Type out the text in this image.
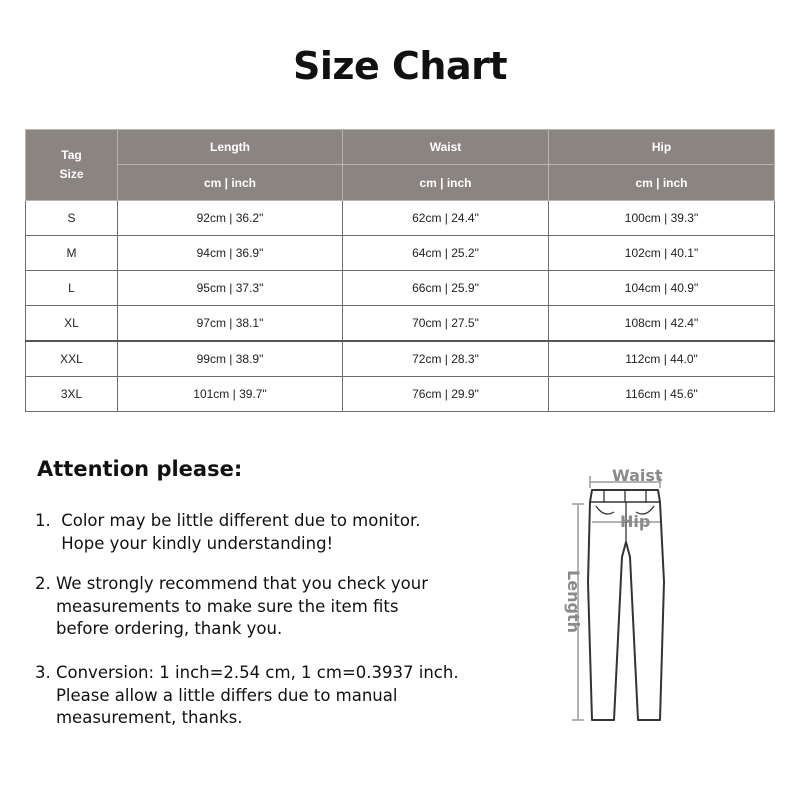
Size Chart
Tag
Size	Length	Waist	Hip
	cm | inch	cm | inch	cm | inch
S	92cm | 36.2"	62cm | 24.4"	100cm | 39.3"
M	94cm | 36.9"	64cm | 25.2"	102cm | 40.1"
L	95cm | 37.3"	66cm | 25.9"	104cm | 40.9"
XL	97cm | 38.1"	70cm | 27.5"	108cm | 42.4"
XXL	99cm | 38.9"	72cm | 28.3"	112cm | 44.0"
3XL	101cm | 39.7"	76cm | 29.9"	116cm | 45.6"
Attention please:
1.  Color may be little different due to monitor.
Hope your kindly understanding!
2. We strongly recommend that you check your
measurements to make sure the item fits
before ordering, thank you.
3. Conversion: 1 inch=2.54 cm, 1 cm=0.3937 inch.
Please allow a little differs due to manual
measurement, thanks.
Waist
Hip
Length
